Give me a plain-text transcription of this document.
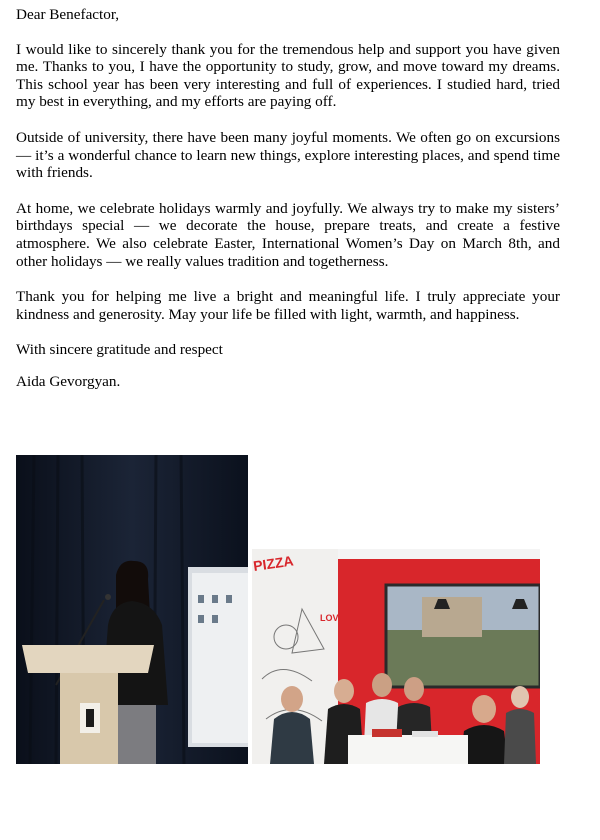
Dear Benefactor,

I would like to sincerely thank you for the tremendous help and support you have given me. Thanks to you, I have the opportunity to study, grow, and move toward my dreams. This school year has been very interesting and full of experiences. I studied hard, tried my best in everything, and my efforts are paying off.

Outside of university, there have been many joyful moments. We often go on excursions — it’s a wonderful chance to learn new things, explore interesting places, and spend time with friends.

At home, we celebrate holidays warmly and joyfully. We always try to make my sisters’ birthdays special — we decorate the house, prepare treats, and create a festive atmosphere. We also celebrate Easter, International Women’s Day on March 8th, and other holidays — we really values tradition and togetherness.

Thank you for helping me live a bright and meaningful life. I truly appreciate your kindness and generosity. May your life be filled with light, warmth, and happiness.

With sincere gratitude and respect

Aida Gevorgyan.

PIZZA
LOVE
